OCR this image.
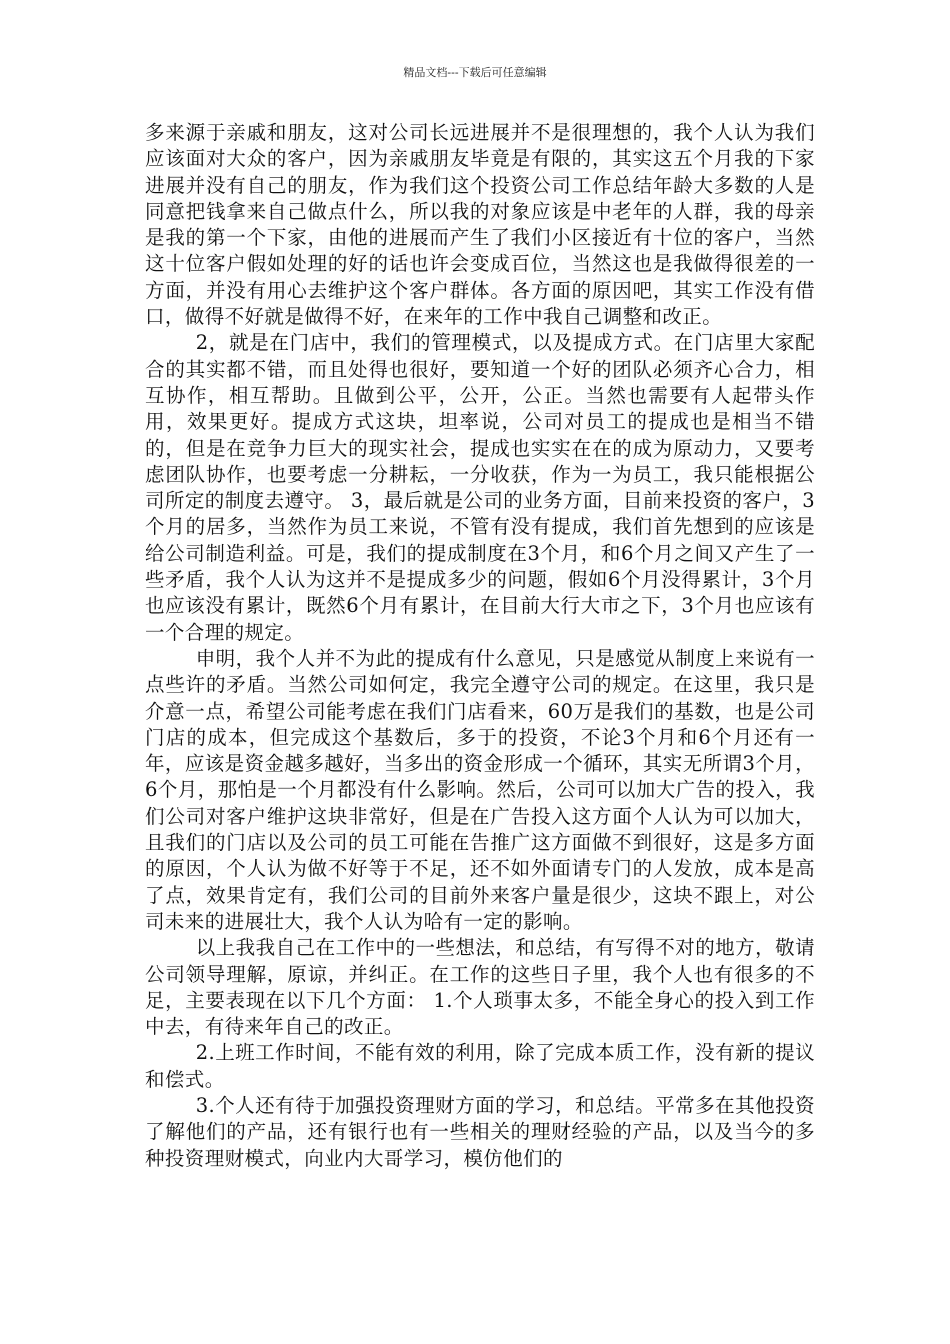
精品文档---下载后可任意编辑

多来源于亲戚和朋友，这对公司长远进展并不是很理想的，我个人认为我们应该面对大众的客户，因为亲戚朋友毕竟是有限的，其实这五个月我的下家进展并没有自己的朋友，作为我们这个投资公司工作总结年龄大多数的人是同意把钱拿来自己做点什么，所以我的对象应该是中老年的人群，我的母亲是我的第一个下家，由他的进展而产生了我们小区接近有十位的客户，当然这十位客户假如处理的好的话也许会变成百位，当然这也是我做得很差的一方面，并没有用心去维护这个客户群体。各方面的原因吧，其实工作没有借口，做得不好就是做得不好，在来年的工作中我自己调整和改正。

2，就是在门店中，我们的管理模式，以及提成方式。在门店里大家配合的其实都不错，而且处得也很好，要知道一个好的团队必须齐心合力，相互协作，相互帮助。且做到公平，公开，公正。当然也需要有人起带头作用，效果更好。提成方式这块，坦率说，公司对员工的提成也是相当不错的，但是在竞争力巨大的现实社会，提成也实实在在的成为原动力，又要考虑团队协作，也要考虑一分耕耘，一分收获，作为一为员工，我只能根据公司所定的制度去遵守。 3，最后就是公司的业务方面，目前来投资的客户，3个月的居多，当然作为员工来说，不管有没有提成，我们首先想到的应该是给公司制造利益。可是，我们的提成制度在3个月，和6个月之间又产生了一些矛盾，我个人认为这并不是提成多少的问题，假如6个月没得累计，3个月也应该没有累计，既然6个月有累计，在目前大行大市之下，3个月也应该有一个合理的规定。

申明，我个人并不为此的提成有什么意见，只是感觉从制度上来说有一点些许的矛盾。当然公司如何定，我完全遵守公司的规定。在这里，我只是介意一点，希望公司能考虑在我们门店看来，60万是我们的基数，也是公司门店的成本，但完成这个基数后，多于的投资，不论3个月和6个月还有一年，应该是资金越多越好，当多出的资金形成一个循环，其实无所谓3个月，6个月，那怕是一个月都没有什么影响。然后，公司可以加大广告的投入，我们公司对客户维护这块非常好，但是在广告投入这方面个人认为可以加大，且我们的门店以及公司的员工可能在告推广这方面做不到很好，这是多方面的原因，个人认为做不好等于不足，还不如外面请专门的人发放，成本是高了点，效果肯定有，我们公司的目前外来客户量是很少，这块不跟上，对公司未来的进展壮大，我个人认为哈有一定的影响。

以上我我自己在工作中的一些想法，和总结，有写得不对的地方，敬请公司领导理解，原谅，并纠正。在工作的这些日子里，我个人也有很多的不足，主要表现在以下几个方面： 1.个人琐事太多，不能全身心的投入到工作中去，有待来年自己的改正。

2.上班工作时间，不能有效的利用，除了完成本质工作，没有新的提议和偿式。

3.个人还有待于加强投资理财方面的学习，和总结。平常多在其他投资了解他们的产品，还有银行也有一些相关的理财经验的产品，以及当今的多种投资理财模式，向业内大哥学习，模仿他们的
